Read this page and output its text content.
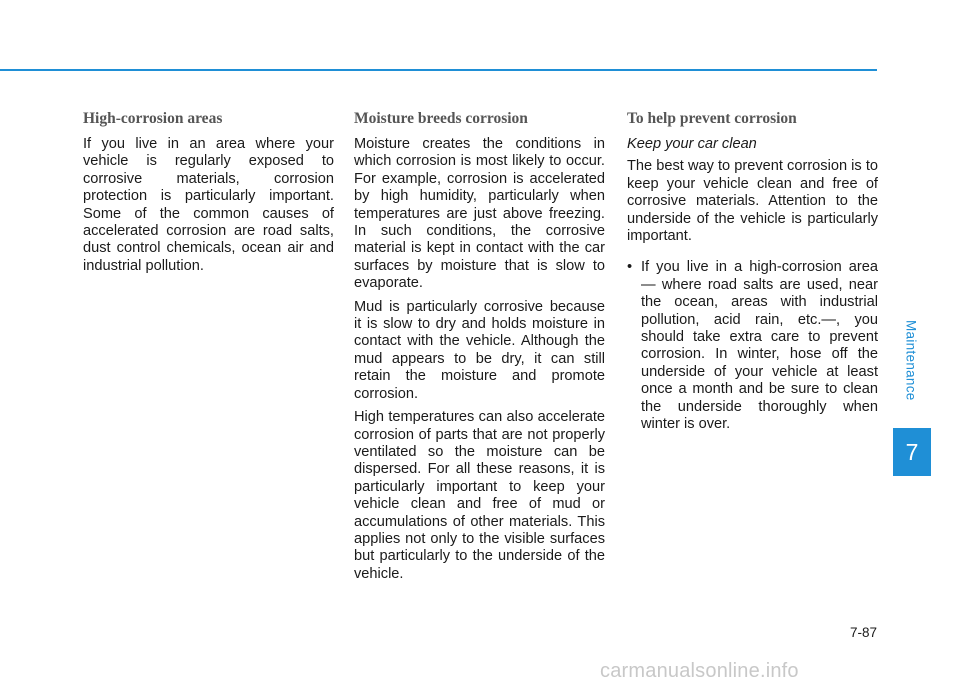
High-corrosion areas

If you live in an area where your vehicle is regularly exposed to corrosive materials, corrosion protection is particularly important. Some of the common causes of accelerated corrosion are road salts, dust control chemicals, ocean air and industrial pollution.

Moisture breeds corrosion

Moisture creates the conditions in which corrosion is most likely to occur. For example, corrosion is accelerated by high humidity, particularly when temperatures are just above freezing. In such conditions, the corrosive material is kept in contact with the car surfaces by moisture that is slow to evaporate.

Mud is particularly corrosive because it is slow to dry and holds moisture in contact with the vehicle. Although the mud appears to be dry, it can still retain the moisture and promote corrosion.

High temperatures can also accelerate corrosion of parts that are not properly ventilated so the moisture can be dispersed. For all these reasons, it is particularly important to keep your vehicle clean and free of mud or accumulations of other materials. This applies not only to the visible surfaces but particularly to the underside of the vehicle.

To help prevent corrosion
Keep your car clean

The best way to prevent corrosion is to keep your vehicle clean and free of corrosive materials. Attention to the underside of the vehicle is particularly important.

• If you live in a high-corrosion area — where road salts are used, near the ocean, areas with industrial pollution, acid rain, etc.—, you should take extra care to prevent corrosion. In winter, hose off the underside of your vehicle at least once a month and be sure to clean the underside thoroughly when winter is over.
Maintenance
7
7-87
carmanualsonline.info
